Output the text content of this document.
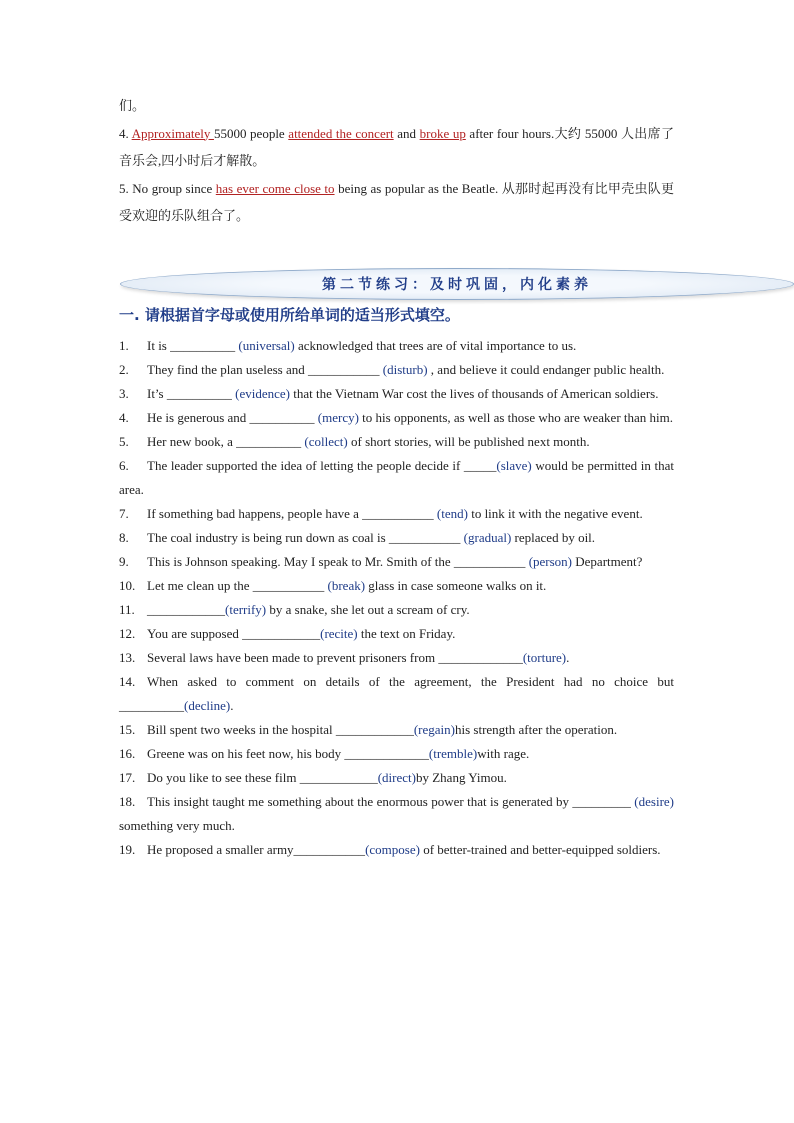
们。
4. Approximately 55000 people attended the concert and broke up after four hours.大约 55000 人出席了音乐会,四小时后才解散。
5. No group since has ever come close to being as popular as the Beatle. 从那时起再没有比甲壳虫队更受欢迎的乐队组合了。
第二节练习：及时巩固，内化素养
一. 请根据首字母或使用所给单词的适当形式填空。
1. It is __________ (universal) acknowledged that trees are of vital importance to us.
2. They find the plan useless and ___________ (disturb) , and believe it could endanger public health.
3. It’s __________ (evidence) that the Vietnam War cost the lives of thousands of American soldiers.
4. He is generous and __________ (mercy) to his opponents, as well as those who are weaker than him.
5. Her new book, a __________ (collect) of short stories, will be published next month.
6. The leader supported the idea of letting the people decide if _____(slave) would be permitted in that area.
7. If something bad happens, people have a ___________ (tend) to link it with the negative event.
8. The coal industry is being run down as coal is ___________ (gradual) replaced by oil.
9. This is Johnson speaking. May I speak to Mr. Smith of the ___________ (person) Department?
10. Let me clean up the ___________ (break) glass in case someone walks on it.
11. ____________(terrify) by a snake, she let out a scream of cry.
12. You are supposed ____________(recite) the text on Friday.
13. Several laws have been made to prevent prisoners from _____________(torture).
14. When asked to comment on details of the agreement, the President had no choice but __________(decline).
15. Bill spent two weeks in the hospital ____________(regain)his strength after the operation.
16. Greene was on his feet now, his body _____________(tremble)with rage.
17. Do you like to see these film ____________(direct)by Zhang Yimou.
18. This insight taught me something about the enormous power that is generated by _________ (desire) something very much.
19. He proposed a smaller army___________(compose) of better-trained and better-equipped soldiers.
